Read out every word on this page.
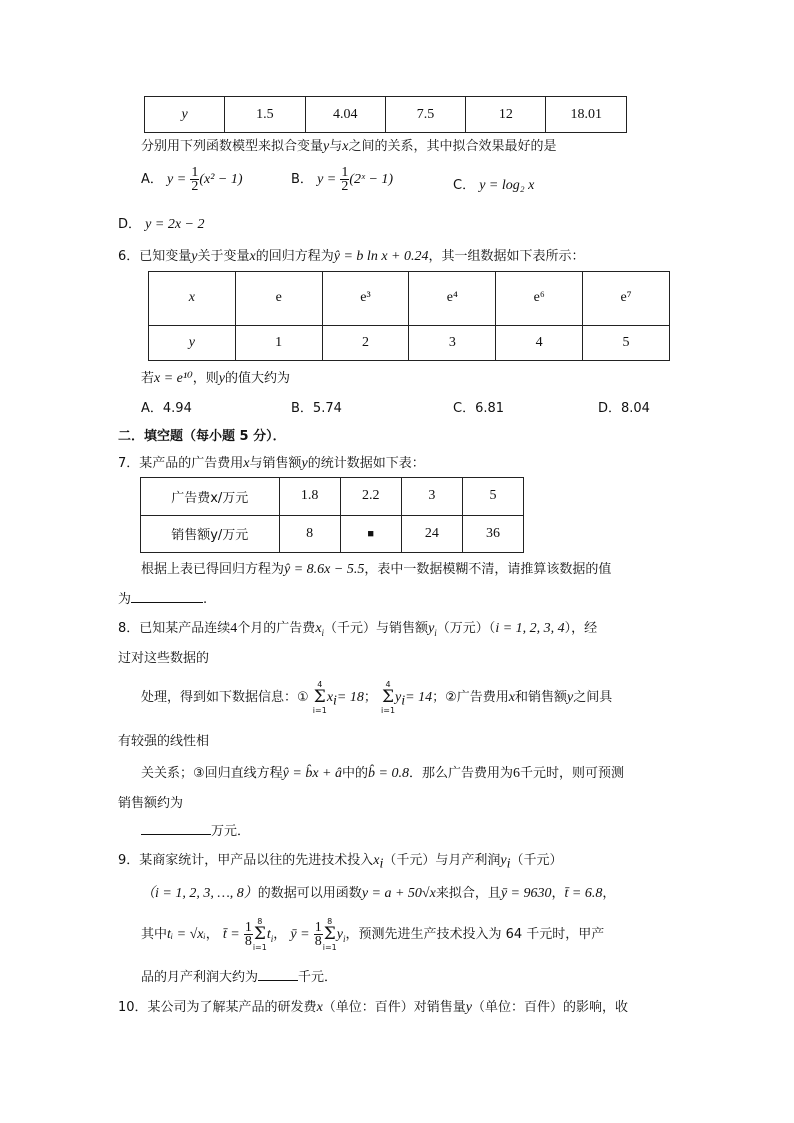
y	1.5	4.04	7.5	12	18.01
分别用下列函数模型来拟合变量y与x之间的关系，其中拟合效果最好的是
A． $y = \frac{1}{2} (x^2 - 1)$	B． $y = \frac{1}{2}$ (2ˣ − 1)	C． y = log₂ x
D． y = 2x − 2
6．已知变量y关于变量x的回归方程为ŷ = b ln x + 0.24，其一组数据如下表所示：
x	e	e³	e⁴	e⁶	e⁷
y	1	2	3	4	5
若x = e¹⁰，则y的值大约为
A．4.94	B．5.74	C．6.81	D．8.04
二．填空题（每小题 5 分）．
7．某产品的广告费用x与销售额y的统计数据如下表：
广告费x/万元	1.8	2.2	3	5
销售额y/万元	8	■	24	36
根据上表已得回归方程为ŷ = 8.6x − 5.5，表中一数据模糊不清，请推算该数据的值
为	.
8．已知某产品连续4个月的广告费$x_i$（千元）与销售额$y_i$（万元）（i = 1, 2, 3, 4），经
过对这些数据的
处理，得到如下数据信息：① 4
Σ
$i=1x_i= 18$； 4
Σ
$i=1y_i= 14$；②广告费用x和销售额y之间具
有较强的线性相
关关系；③回归直线方程ŷ = b̂x + â中的b̂ = 0.8．那么广告费用为6千元时，则可预测
销售额约为
万元．
9．某商家统计，甲产品以往的先进技术投入$x_i$（千元）与月产利润$y_i$（千元）
（i = 1, 2, 3, …, 8）的数据可以用函数y = a + 50√x来拟合，且ȳ = 9630，t̄ = 6.8，
其中tᵢ = √xᵢ， t̄ = $\frac{1}{8} 8$
Σ
$i=1t_i$， ȳ = $\frac{1}{8} 8$
Σ
$i=1y_i$，预测先进生产技术投入为 64 千元时，甲产
品的月产利润大约为	千元．
10．某公司为了解某产品的研发费x（单位：百件）对销售量y（单位：百件）的影响，收
